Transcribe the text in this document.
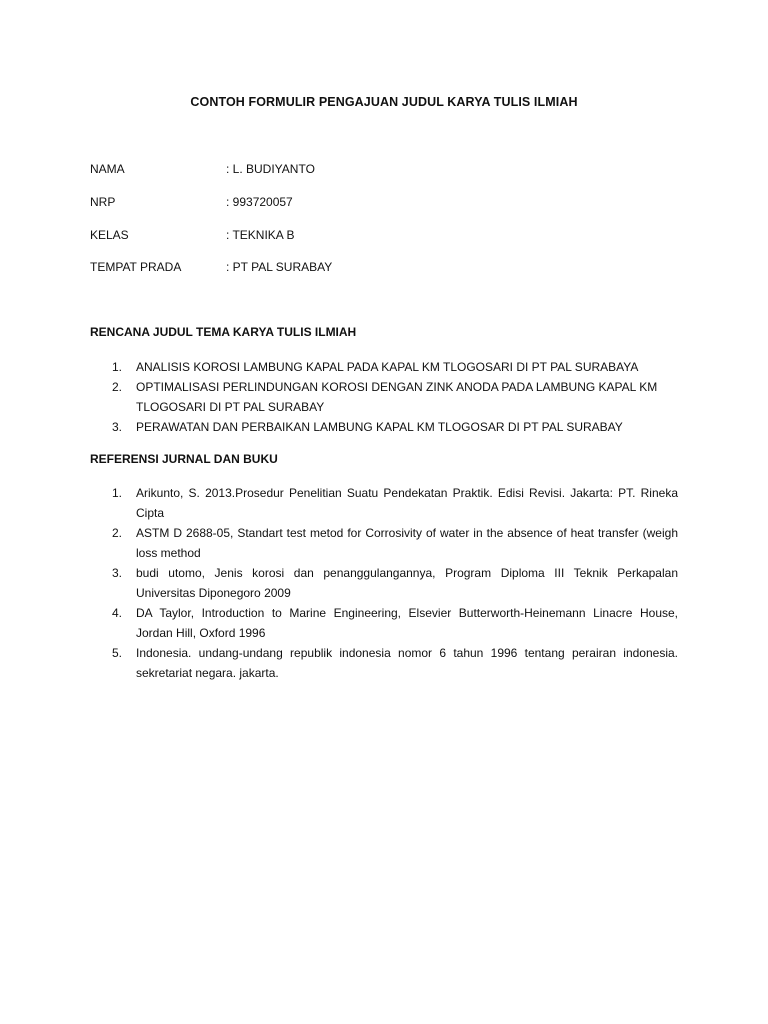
CONTOH FORMULIR PENGAJUAN JUDUL KARYA TULIS ILMIAH
NAMA	: L. BUDIYANTO
NRP	: 993720057
KELAS	: TEKNIKA B
TEMPAT PRADA	: PT PAL SURABAY
RENCANA JUDUL TEMA KARYA TULIS ILMIAH
1. ANALISIS KOROSI LAMBUNG KAPAL PADA KAPAL KM TLOGOSARI DI PT PAL SURABAYA
2. OPTIMALISASI PERLINDUNGAN KOROSI DENGAN ZINK ANODA PADA LAMBUNG KAPAL KM TLOGOSARI DI PT PAL SURABAY
3. PERAWATAN DAN PERBAIKAN LAMBUNG KAPAL KM TLOGOSAR DI PT PAL SURABAY
REFERENSI JURNAL DAN BUKU
1. Arikunto, S. 2013.Prosedur Penelitian Suatu Pendekatan Praktik. Edisi Revisi. Jakarta: PT. Rineka Cipta
2. ASTM D 2688-05, Standart test metod for Corrosivity of water in the absence of heat transfer (weigh loss method
3. budi utomo, Jenis korosi dan penanggulangannya, Program Diploma III Teknik Perkapalan Universitas Diponegoro 2009
4. DA Taylor, Introduction to Marine Engineering, Elsevier Butterworth-Heinemann Linacre House, Jordan Hill, Oxford 1996
5. Indonesia. undang-undang republik indonesia nomor 6 tahun 1996 tentang perairan indonesia. sekretariat negara. jakarta.
